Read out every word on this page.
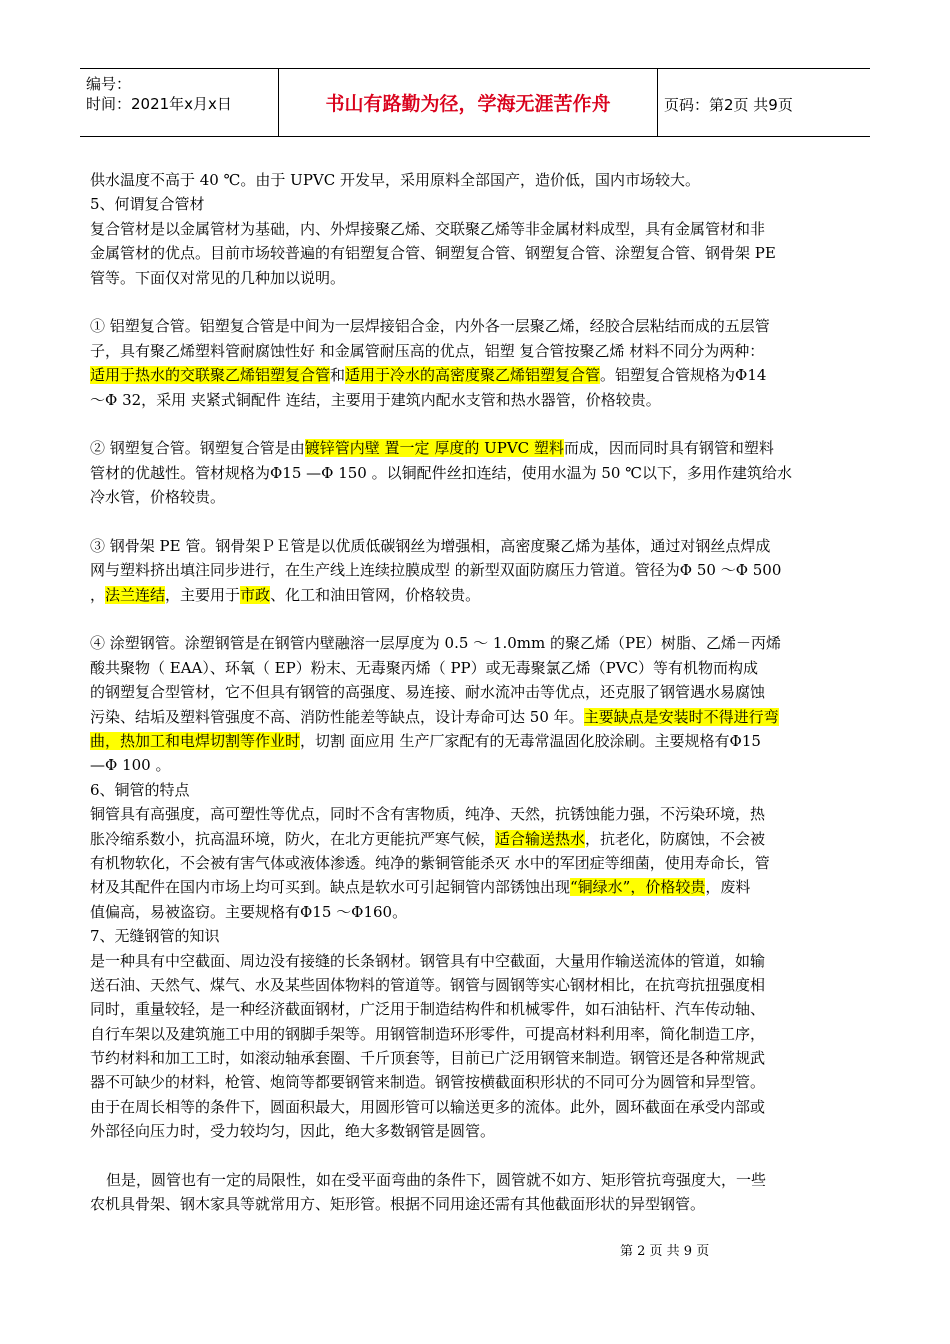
编号：
时间：2021年x月x日	书山有路勤为径，学海无涯苦作舟	页码：第2页 共9页
供水温度不高于 40 ℃。由于 UPVC 开发早，采用原料全部国产，造价低，国内市场较大。
5、何谓复合管材
复合管材是以金属管材为基础，内、外焊接聚乙烯、交联聚乙烯等非金属材料成型，具有金属管材和非
金属管材的优点。目前市场较普遍的有铝塑复合管、铜塑复合管、钢塑复合管、涂塑复合管、钢骨架 PE
管等。下面仅对常见的几种加以说明。
① 铝塑复合管。铝塑复合管是中间为一层焊接铝合金，内外各一层聚乙烯，经胶合层粘结而成的五层管
子，具有聚乙烯塑料管耐腐蚀性好 和金属管耐压高的优点，铝塑 复合管按聚乙烯 材料不同分为两种：
适用于热水的交联聚乙烯铝塑复合管和适用于冷水的高密度聚乙烯铝塑复合管。铝塑复合管规格为Φ14
～Φ 32，采用 夹紧式铜配件 连结，主要用于建筑内配水支管和热水器管，价格较贵。
② 钢塑复合管。钢塑复合管是由镀锌管内壁 置一定 厚度的 UPVC 塑料而成，因而同时具有钢管和塑料
管材的优越性。管材规格为Φ15 —Φ 150 。以铜配件丝扣连结，使用水温为 50 ℃以下，多用作建筑给水
冷水管，价格较贵。
③ 钢骨架 PE 管。钢骨架ＰＥ管是以优质低碳钢丝为增强相，高密度聚乙烯为基体，通过对钢丝点焊成
网与塑料挤出填注同步进行，在生产线上连续拉膜成型 的新型双面防腐压力管道。管径为Φ 50 ～Φ 500
，法兰连结，主要用于市政、化工和油田管网，价格较贵。
④ 涂塑钢管。涂塑钢管是在钢管内壁融溶一层厚度为 0.5 ～ 1.0mm 的聚乙烯（PE）树脂、乙烯－丙烯
酸共聚物（ EAA）、环氧（ EP）粉末、无毒聚丙烯（ PP）或无毒聚氯乙烯（PVC）等有机物而构成
的钢塑复合型管材，它不但具有钢管的高强度、易连接、耐水流冲击等优点，还克服了钢管遇水易腐蚀
污染、结垢及塑料管强度不高、消防性能差等缺点，设计寿命可达 50 年。主要缺点是安装时不得进行弯
曲，热加工和电焊切割等作业时，切割 面应用 生产厂家配有的无毒常温固化胶涂刷。主要规格有Φ15
—Φ 100 。
6、铜管的特点
铜管具有高强度，高可塑性等优点，同时不含有害物质，纯净、天然，抗锈蚀能力强，不污染环境，热
胀冷缩系数小，抗高温环境，防火，在北方更能抗严寒气候，适合输送热水，抗老化，防腐蚀，不会被
有机物软化，不会被有害气体或液体渗透。纯净的紫铜管能杀灭 水中的军团症等细菌，使用寿命长，管
材及其配件在国内市场上均可买到。缺点是软水可引起铜管内部锈蚀出现“铜绿水”，价格较贵，废料
值偏高，易被盗窃。主要规格有Φ15 ～Φ160。
7、无缝钢管的知识
是一种具有中空截面、周边没有接缝的长条钢材。钢管具有中空截面，大量用作输送流体的管道，如输
送石油、天然气、煤气、水及某些固体物料的管道等。钢管与圆钢等实心钢材相比，在抗弯抗扭强度相
同时，重量较轻，是一种经济截面钢材，广泛用于制造结构件和机械零件，如石油钻杆、汽车传动轴、
自行车架以及建筑施工中用的钢脚手架等。用钢管制造环形零件，可提高材料利用率，简化制造工序，
节约材料和加工工时，如滚动轴承套圈、千斤顶套等，目前已广泛用钢管来制造。钢管还是各种常规武
器不可缺少的材料，枪管、炮筒等都要钢管来制造。钢管按横截面积形状的不同可分为圆管和异型管。
由于在周长相等的条件下，圆面积最大，用圆形管可以输送更多的流体。此外，圆环截面在承受内部或
外部径向压力时，受力较均匀，因此，绝大多数钢管是圆管。
但是，圆管也有一定的局限性，如在受平面弯曲的条件下，圆管就不如方、矩形管抗弯强度大，一些
农机具骨架、钢木家具等就常用方、矩形管。根据不同用途还需有其他截面形状的异型钢管。
第 2 页 共 9 页
